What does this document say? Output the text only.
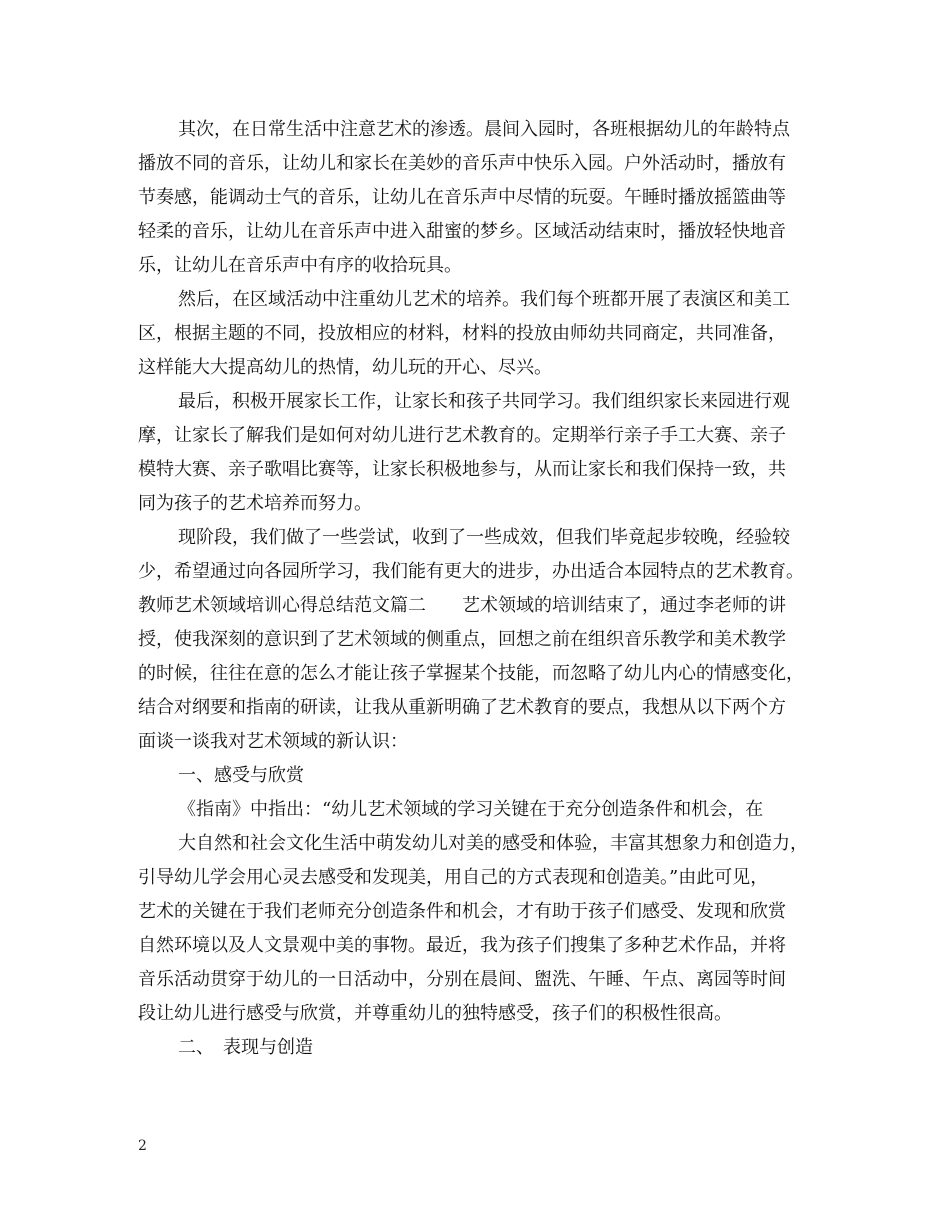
其次，在日常生活中注意艺术的渗透。晨间入园时，各班根据幼儿的年龄特点
播放不同的音乐，让幼儿和家长在美妙的音乐声中快乐入园。户外活动时，播放有
节奏感，能调动士气的音乐，让幼儿在音乐声中尽情的玩耍。午睡时播放摇篮曲等
轻柔的音乐，让幼儿在音乐声中进入甜蜜的梦乡。区域活动结束时，播放轻快地音
乐，让幼儿在音乐声中有序的收拾玩具。
然后，在区域活动中注重幼儿艺术的培养。我们每个班都开展了表演区和美工
区，根据主题的不同，投放相应的材料，材料的投放由师幼共同商定，共同准备，
这样能大大提高幼儿的热情，幼儿玩的开心、尽兴。
最后，积极开展家长工作，让家长和孩子共同学习。我们组织家长来园进行观
摩，让家长了解我们是如何对幼儿进行艺术教育的。定期举行亲子手工大赛、亲子
模特大赛、亲子歌唱比赛等，让家长积极地参与，从而让家长和我们保持一致，共
同为孩子的艺术培养而努力。
现阶段，我们做了一些尝试，收到了一些成效，但我们毕竟起步较晚，经验较
少，希望通过向各园所学习，我们能有更大的进步，办出适合本园特点的艺术教育。
教师艺术领域培训心得总结范文篇二　　艺术领域的培训结束了，通过李老师的讲
授，使我深刻的意识到了艺术领域的侧重点，回想之前在组织音乐教学和美术教学
的时候，往往在意的怎么才能让孩子掌握某个技能，而忽略了幼儿内心的情感变化，
结合对纲要和指南的研读，让我从重新明确了艺术教育的要点，我想从以下两个方
面谈一谈我对艺术领域的新认识：
一、感受与欣赏
《指南》中指出：“幼儿艺术领域的学习关键在于充分创造条件和机会，在
大自然和社会文化生活中萌发幼儿对美的感受和体验，丰富其想象力和创造力，
引导幼儿学会用心灵去感受和发现美，用自己的方式表现和创造美。”由此可见，
艺术的关键在于我们老师充分创造条件和机会，才有助于孩子们感受、发现和欣赏
自然环境以及人文景观中美的事物。最近，我为孩子们搜集了多种艺术作品，并将
音乐活动贯穿于幼儿的一日活动中，分别在晨间、盥洗、午睡、午点、离园等时间
段让幼儿进行感受与欣赏，并尊重幼儿的独特感受，孩子们的积极性很高。
二、　表现与创造
2
